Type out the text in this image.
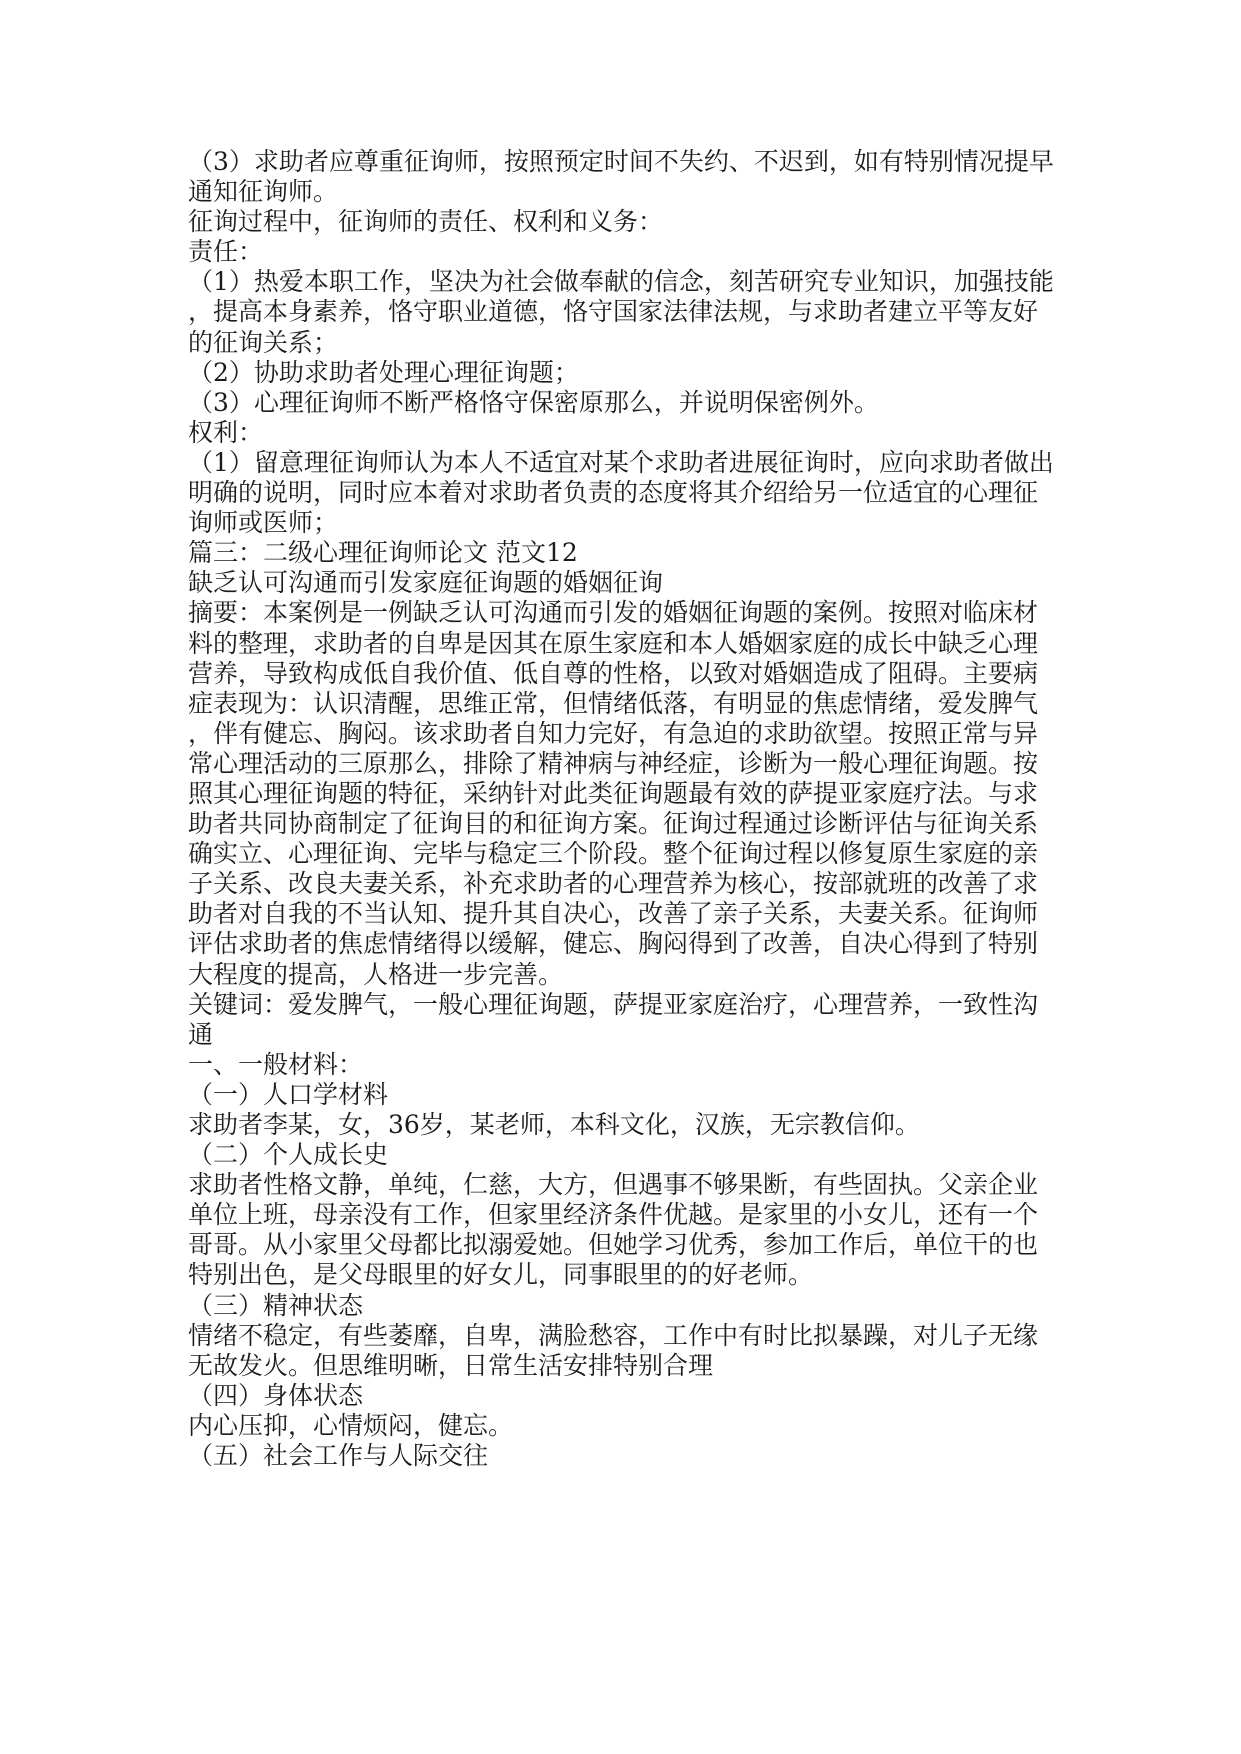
（3）求助者应尊重征询师，按照预定时间不失约、不迟到，如有特别情况提早
通知征询师。
征询过程中，征询师的责任、权利和义务：
责任：
（1）热爱本职工作，坚决为社会做奉献的信念，刻苦研究专业知识，加强技能
，提高本身素养，恪守职业道德，恪守国家法律法规，与求助者建立平等友好
的征询关系；
（2）协助求助者处理心理征询题；
（3）心理征询师不断严格恪守保密原那么，并说明保密例外。
权利：
（1）留意理征询师认为本人不适宜对某个求助者进展征询时，应向求助者做出
明确的说明，同时应本着对求助者负责的态度将其介绍给另一位适宜的心理征
询师或医师；
篇三：二级心理征询师论文 范文12
缺乏认可沟通而引发家庭征询题的婚姻征询
摘要：本案例是一例缺乏认可沟通而引发的婚姻征询题的案例。按照对临床材
料的整理，求助者的自卑是因其在原生家庭和本人婚姻家庭的成长中缺乏心理
营养，导致构成低自我价值、低自尊的性格，以致对婚姻造成了阻碍。主要病
症表现为：认识清醒，思维正常，但情绪低落，有明显的焦虑情绪，爱发脾气
，伴有健忘、胸闷。该求助者自知力完好，有急迫的求助欲望。按照正常与异
常心理活动的三原那么，排除了精神病与神经症，诊断为一般心理征询题。按
照其心理征询题的特征，采纳针对此类征询题最有效的萨提亚家庭疗法。与求
助者共同协商制定了征询目的和征询方案。征询过程通过诊断评估与征询关系
确实立、心理征询、完毕与稳定三个阶段。整个征询过程以修复原生家庭的亲
子关系、改良夫妻关系，补充求助者的心理营养为核心，按部就班的改善了求
助者对自我的不当认知、提升其自决心，改善了亲子关系，夫妻关系。征询师
评估求助者的焦虑情绪得以缓解，健忘、胸闷得到了改善，自决心得到了特别
大程度的提高，人格进一步完善。
关键词：爱发脾气，一般心理征询题，萨提亚家庭治疗，心理营养，一致性沟
通
一、一般材料：
（一）人口学材料
求助者李某，女，36岁，某老师，本科文化，汉族，无宗教信仰。
（二）个人成长史
求助者性格文静，单纯，仁慈，大方，但遇事不够果断，有些固执。父亲企业
单位上班，母亲没有工作，但家里经济条件优越。是家里的小女儿，还有一个
哥哥。从小家里父母都比拟溺爱她。但她学习优秀，参加工作后，单位干的也
特别出色，是父母眼里的好女儿，同事眼里的的好老师。
（三）精神状态
情绪不稳定，有些萎靡，自卑，满脸愁容，工作中有时比拟暴躁，对儿子无缘
无故发火。但思维明晰，日常生活安排特别合理
（四）身体状态
内心压抑，心情烦闷，健忘。
（五）社会工作与人际交往
